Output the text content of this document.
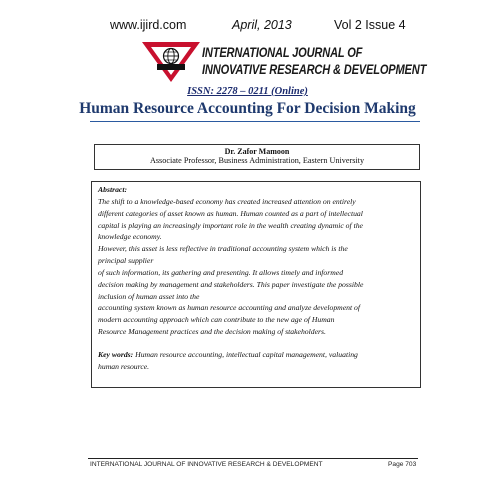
www.ijird.com	April, 2013	Vol 2 Issue 4
INTERNATIONAL JOURNAL OF
INNOVATIVE RESEARCH & DEVELOPMENT
ISSN: 2278 – 0211 (Online)
Human Resource Accounting For Decision Making
Dr. Zafor Mamoon
Associate Professor, Business Administration, Eastern University

Abstract:

The shift to a knowledge-based economy has created increased attention on entirely

different categories of asset known as human. Human counted as a part of intellectual

capital is playing an increasingly important role in the wealth creating dynamic of the

knowledge economy.

However, this asset is less reflective in traditional accounting system which is the

principal supplier

of such information, its gathering and presenting. It allows timely and informed

decision making by management and stakeholders. This paper investigate the possible

inclusion of human asset into the

accounting system known as human resource accounting and analyze development of

modern accounting approach which can contribute to the new age of Human

Resource Management practices and the decision making of stakeholders.

Key words: Human resource accounting, intellectual capital management, valuating

human resource.

INTERNATIONAL JOURNAL OF INNOVATIVE RESEARCH & DEVELOPMENT	Page 703
